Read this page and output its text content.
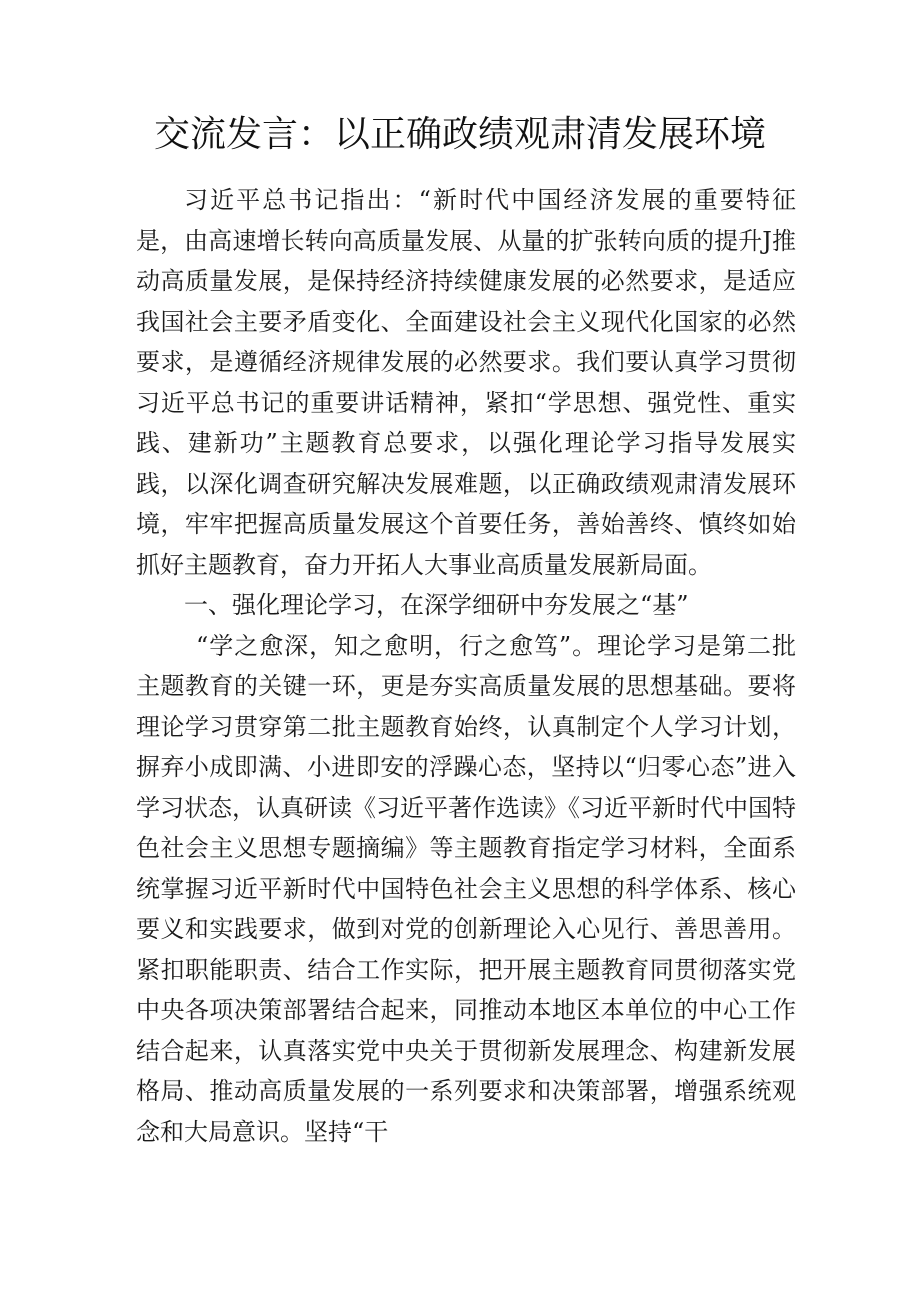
交流发言：以正确政绩观肃清发展环境

习近平总书记指出：“新时代中国经济发展的重要特征是，由高速增长转向高质量发展、从量的扩张转向质的提升J推动高质量发展，是保持经济持续健康发展的必然要求，是适应我国社会主要矛盾变化、全面建设社会主义现代化国家的必然要求，是遵循经济规律发展的必然要求。我们要认真学习贯彻习近平总书记的重要讲话精神，紧扣“学思想、强党性、重实践、建新功”主题教育总要求，以强化理论学习指导发展实践，以深化调查研究解决发展难题，以正确政绩观肃清发展环境，牢牢把握高质量发展这个首要任务，善始善终、慎终如始抓好主题教育，奋力开拓人大事业高质量发展新局面。

一、强化理论学习，在深学细研中夯发展之“基”

“学之愈深，知之愈明，行之愈笃”。理论学习是第二批主题教育的关键一环，更是夯实高质量发展的思想基础。要将理论学习贯穿第二批主题教育始终，认真制定个人学习计划，摒弃小成即满、小进即安的浮躁心态，坚持以“归零心态”进入学习状态，认真研读《习近平著作选读》《习近平新时代中国特色社会主义思想专题摘编》等主题教育指定学习材料，全面系统掌握习近平新时代中国特色社会主义思想的科学体系、核心要义和实践要求，做到对党的创新理论入心见行、善思善用。紧扣职能职责、结合工作实际，把开展主题教育同贯彻落实党中央各项决策部署结合起来，同推动本地区本单位的中心工作结合起来，认真落实党中央关于贯彻新发展理念、构建新发展格局、推动高质量发展的一系列要求和决策部署，增强系统观念和大局意识。坚持“干
